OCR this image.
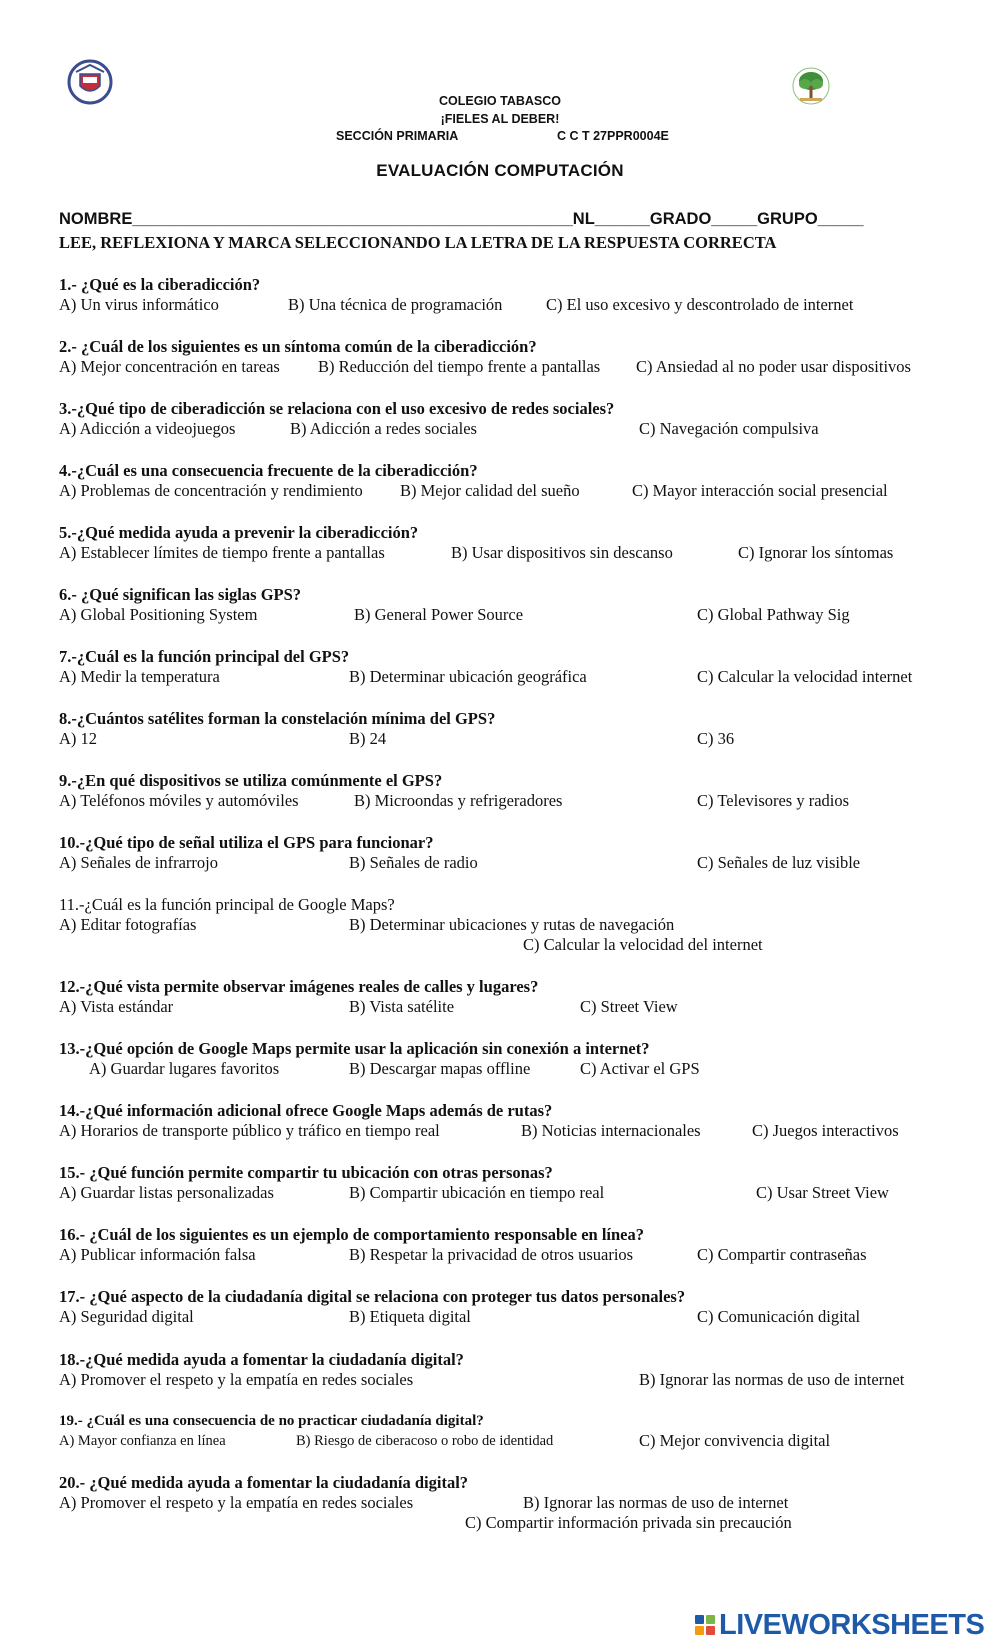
COLEGIO TABASCO
¡FIELES AL DEBER!
SECCIÓN PRIMARIA	C C T 27PPR0004E
EVALUACIÓN COMPUTACIÓN
NOMBRE________________________________________________NL______GRADO_____GRUPO_____
LEE, REFLEXIONA Y MARCA SELECCIONANDO LA LETRA DE LA RESPUESTA CORRECTA
1.- ¿Qué es la ciberadicción?
A) Un virus informático	B) Una técnica de programación	C) El uso excesivo y descontrolado de internet
2.- ¿Cuál de los siguientes es un síntoma común de la ciberadicción?
A) Mejor concentración en tareas B) Reducción del tiempo frente a pantallas C) Ansiedad al no poder usar dispositivos
3.-¿Qué tipo de ciberadicción se relaciona con el uso excesivo de redes sociales?
A) Adicción a videojuegos	B) Adicción a redes sociales	C) Navegación compulsiva
4.-¿Cuál es una consecuencia frecuente de la ciberadicción?
A) Problemas de concentración y rendimiento B) Mejor calidad del sueño	C) Mayor interacción social presencial
5.-¿Qué medida ayuda a prevenir la ciberadicción?
A) Establecer límites de tiempo frente a pantallas	B) Usar dispositivos sin descanso	C) Ignorar los síntomas
6.- ¿Qué significan las siglas GPS?
A) Global Positioning System	B) General Power Source	C) Global Pathway Sig
7.-¿Cuál es la función principal del GPS?
A) Medir la temperatura	B) Determinar ubicación geográfica	C) Calcular la velocidad internet
8.-¿Cuántos satélites forman la constelación mínima del GPS?
A) 12	B) 24	C) 36
9.-¿En qué dispositivos se utiliza comúnmente el GPS?
A) Teléfonos móviles y automóviles	B) Microondas y refrigeradores	C) Televisores y radios
10.-¿Qué tipo de señal utiliza el GPS para funcionar?
A) Señales de infrarrojo	B) Señales de radio	C) Señales de luz visible
11.-¿Cuál es la función principal de Google Maps?
A) Editar fotografías	B) Determinar ubicaciones y rutas de navegación
C) Calcular la velocidad del internet
12.-¿Qué vista permite observar imágenes reales de calles y lugares?
A) Vista estándar	B) Vista satélite	C) Street View
13.-¿Qué opción de Google Maps permite usar la aplicación sin conexión a internet?
A) Guardar lugares favoritos	B) Descargar mapas offline	C) Activar el GPS
14.-¿Qué información adicional ofrece Google Maps además de rutas?
A) Horarios de transporte público y tráfico en tiempo real	B) Noticias internacionales	C) Juegos interactivos
15.- ¿Qué función permite compartir tu ubicación con otras personas?
A) Guardar listas personalizadas	B) Compartir ubicación en tiempo real	C) Usar Street View
16.- ¿Cuál de los siguientes es un ejemplo de comportamiento responsable en línea?
A) Publicar información falsa	B) Respetar la privacidad de otros usuarios	C) Compartir contraseñas
17.- ¿Qué aspecto de la ciudadanía digital se relaciona con proteger tus datos personales?
A) Seguridad digital	B) Etiqueta digital	C) Comunicación digital
18.-¿Qué medida ayuda a fomentar la ciudadanía digital?
A) Promover el respeto y la empatía en redes sociales	B) Ignorar las normas de uso de internet
19.- ¿Cuál es una consecuencia de no practicar ciudadanía digital?
A) Mayor confianza en línea	B) Riesgo de ciberacoso o robo de identidad	C) Mejor convivencia digital
20.- ¿Qué medida ayuda a fomentar la ciudadanía digital?
A) Promover el respeto y la empatía en redes sociales	B) Ignorar las normas de uso de internet
C) Compartir información privada sin precaución
LIVEWORKSHEETS
